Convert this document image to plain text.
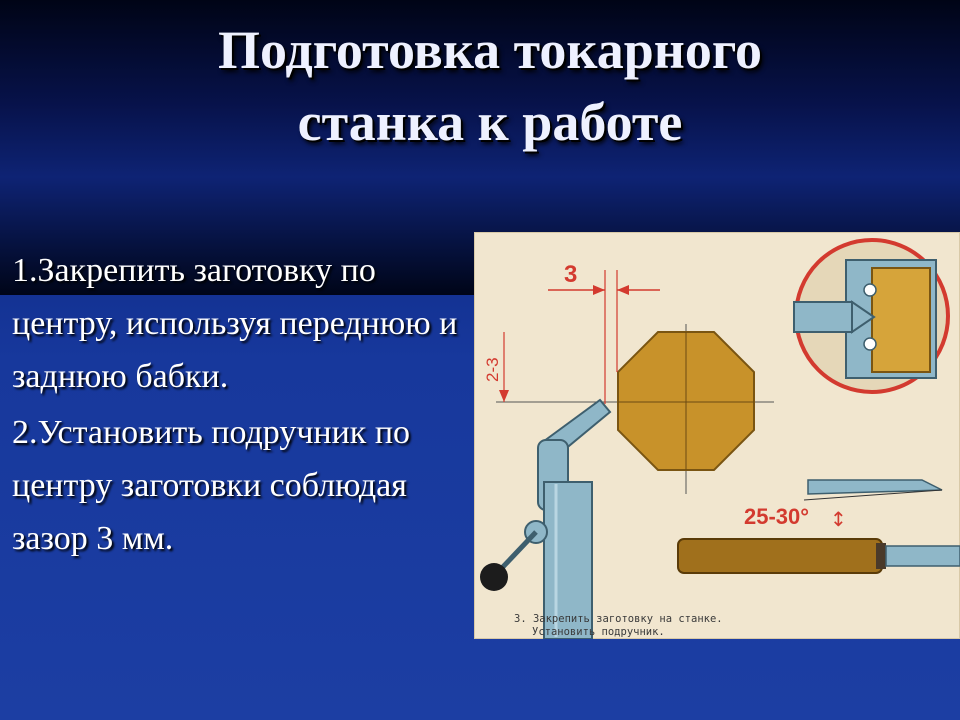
Подготовка токарного
станка к работе

1.Закрепить заготовку по центру, используя переднюю и заднюю бабки.

2.Установить подручник по центру заготовки соблюдая зазор 3 мм.

3
2-3
25-30° ↕
3. Закрепить заготовку на станке.
Установить подручник.
